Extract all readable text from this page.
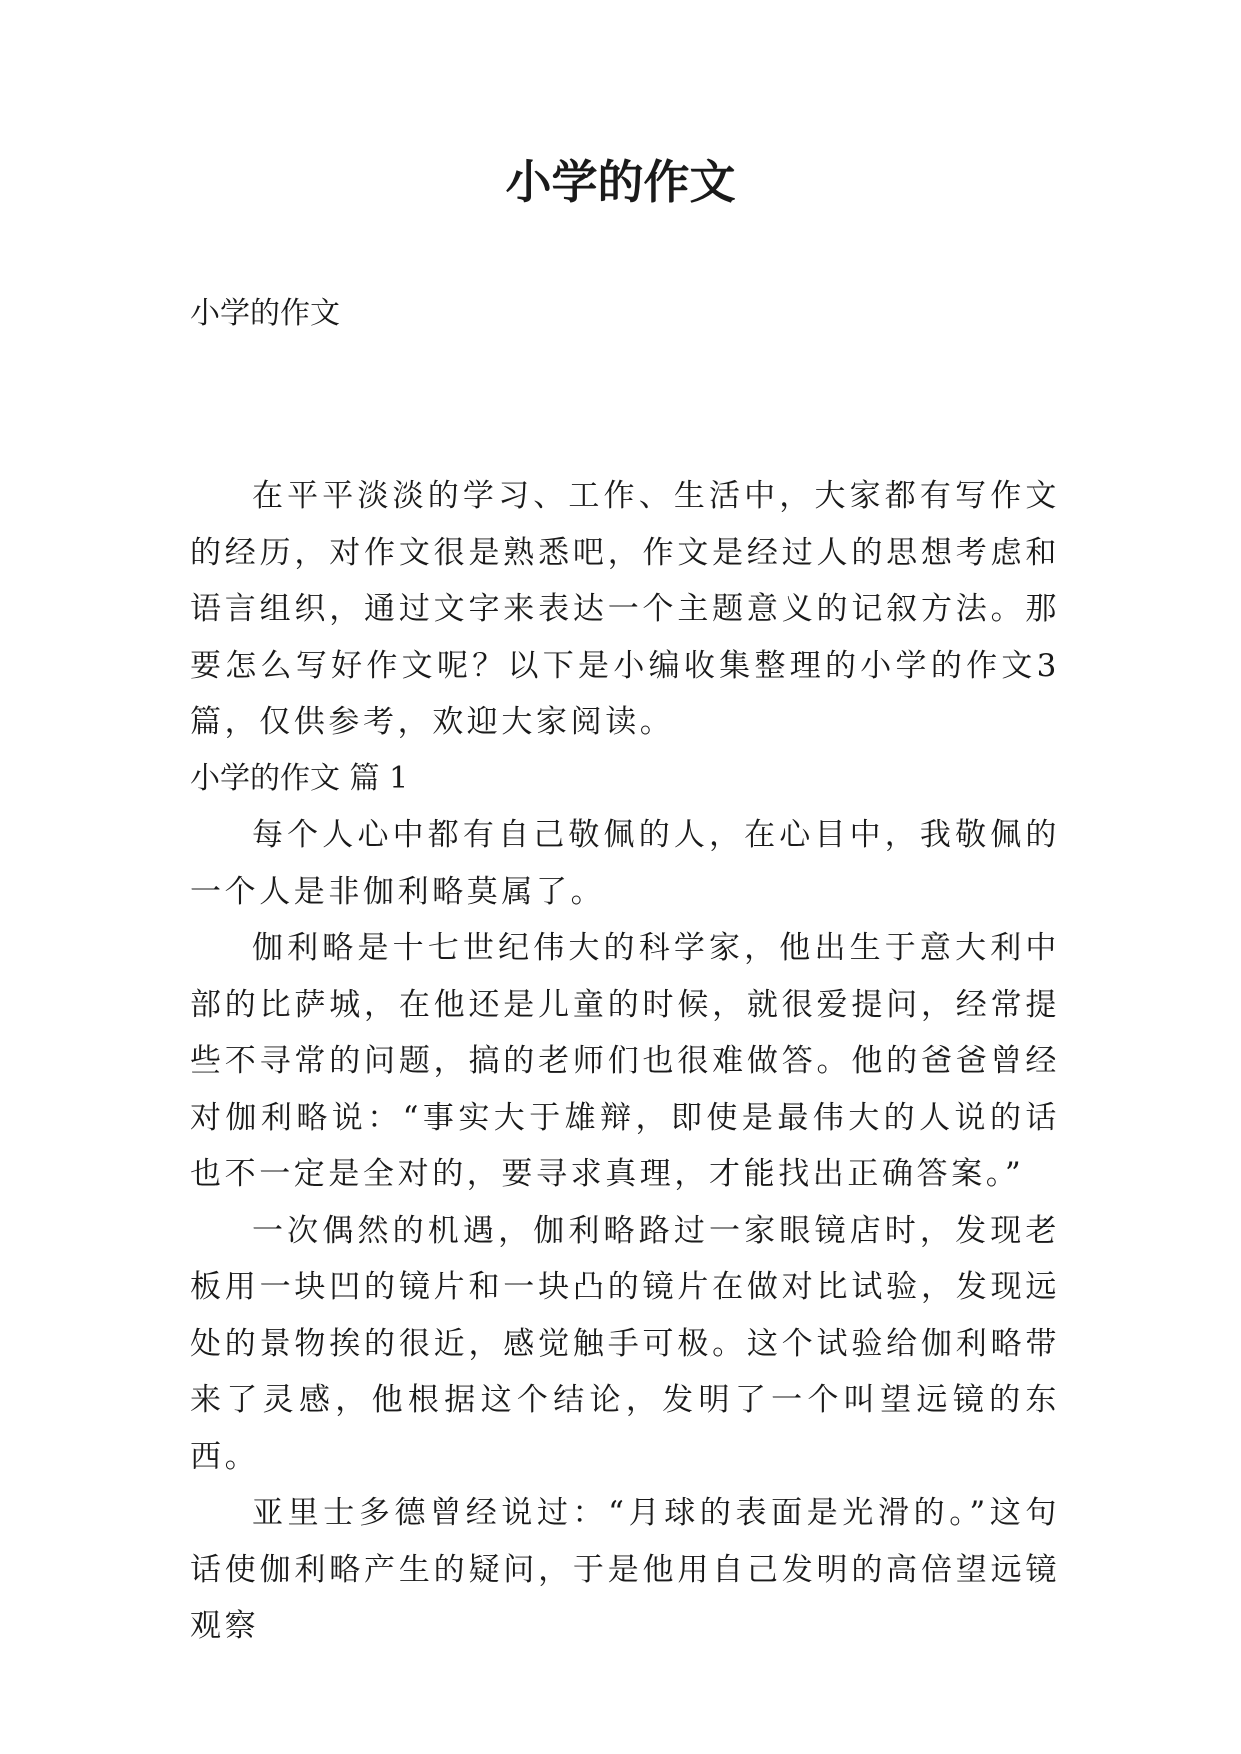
小学的作文

小学的作文

在平平淡淡的学习、工作、生活中，大家都有写作文的经历，对作文很是熟悉吧，作文是经过人的思想考虑和语言组织，通过文字来表达一个主题意义的记叙方法。那要怎么写好作文呢？以下是小编收集整理的小学的作文3篇，仅供参考，欢迎大家阅读。

小学的作文 篇 1

每个人心中都有自己敬佩的人，在心目中，我敬佩的一个人是非伽利略莫属了。

伽利略是十七世纪伟大的科学家，他出生于意大利中部的比萨城，在他还是儿童的时候，就很爱提问，经常提些不寻常的问题，搞的老师们也很难做答。他的爸爸曾经对伽利略说：“事实大于雄辩，即使是最伟大的人说的话也不一定是全对的，要寻求真理，才能找出正确答案。”

一次偶然的机遇，伽利略路过一家眼镜店时，发现老板用一块凹的镜片和一块凸的镜片在做对比试验，发现远处的景物挨的很近，感觉触手可极。这个试验给伽利略带来了灵感，他根据这个结论，发明了一个叫望远镜的东西。

亚里士多德曾经说过：“月球的表面是光滑的。”这句话使伽利略产生的疑问，于是他用自己发明的高倍望远镜观察
